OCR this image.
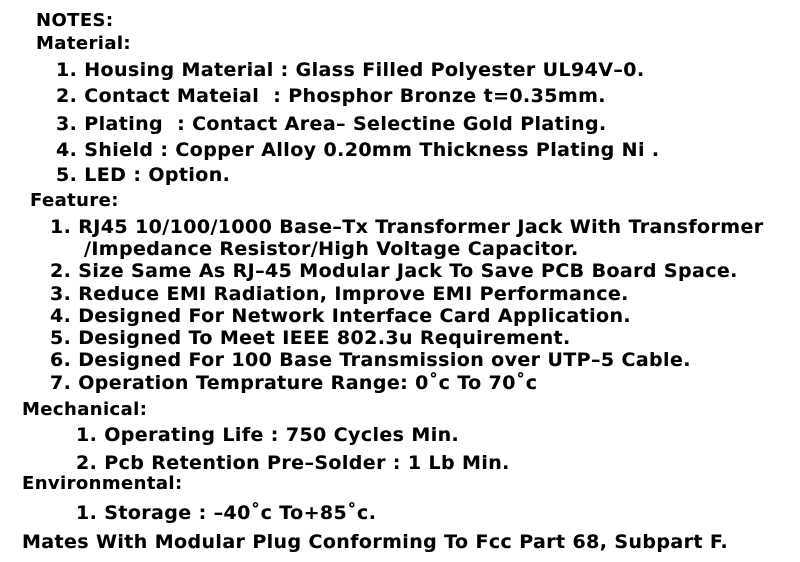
NOTES:
Material:
1. Housing Material : Glass Filled Polyester UL94V–0.
2. Contact Mateial  : Phosphor Bronze t=0.35mm.
3. Plating  : Contact Area– Selectine Gold Plating.
4. Shield : Copper Alloy 0.20mm Thickness Plating Ni .
5. LED : Option.
Feature:
1. RJ45 10/100/1000 Base–Tx Transformer Jack With Transformer
/Impedance Resistor/High Voltage Capacitor.
2. Size Same As RJ–45 Modular Jack To Save PCB Board Space.
3. Reduce EMI Radiation, Improve EMI Performance.
4. Designed For Network Interface Card Application.
5. Designed To Meet IEEE 802.3u Requirement.
6. Designed For 100 Base Transmission over UTP–5 Cable.
7. Operation Temprature Range: 0˚c To 70˚c
Mechanical:
1. Operating Life : 750 Cycles Min.
2. Pcb Retention Pre–Solder : 1 Lb Min.
Environmental:
1. Storage : –40˚c To+85˚c.
Mates With Modular Plug Conforming To Fcc Part 68, Subpart F.
